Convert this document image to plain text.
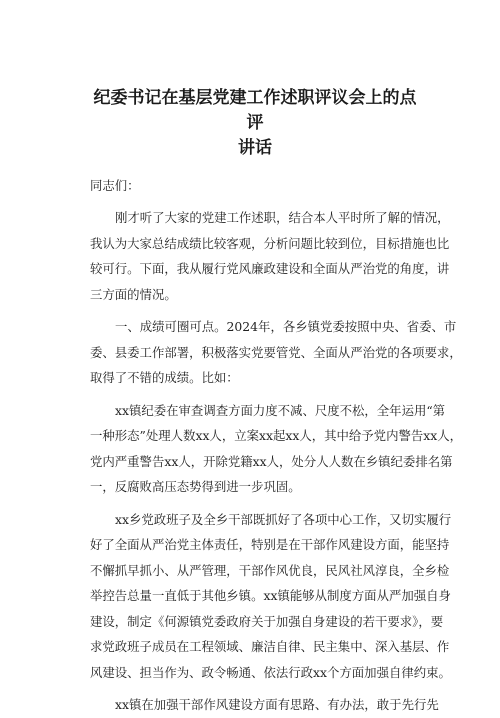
纪委书记在基层党建工作述职评议会上的点评
讲话
同志们：
刚才听了大家的党建工作述职，结合本人平时所了解的情况，
我认为大家总结成绩比较客观，分析问题比较到位，目标措施也比
较可行。下面，我从履行党风廉政建设和全面从严治党的角度，讲
三方面的情况。
一、成绩可圈可点。2024年，各乡镇党委按照中央、省委、市
委、县委工作部署，积极落实党要管党、全面从严治党的各项要求，
取得了不错的成绩。比如：
xx镇纪委在审查调查方面力度不减、尺度不松，全年运用“第
一种形态”处理人数xx人，立案xx起xx人，其中给予党内警告xx人，
党内严重警告xx人，开除党籍xx人，处分人人数在乡镇纪委排名第
一，反腐败高压态势得到进一步巩固。
xx乡党政班子及全乡干部既抓好了各项中心工作，又切实履行
好了全面从严治党主体责任，特别是在干部作风建设方面，能坚持
不懈抓早抓小、从严管理，干部作风优良，民风社风淳良，全乡检
举控告总量一直低于其他乡镇。xx镇能够从制度方面从严加强自身
建设，制定《何源镇党委政府关于加强自身建设的若干要求》，要
求党政班子成员在工程领域、廉洁自律、民主集中、深入基层、作
风建设、担当作为、政令畅通、依法行政xx个方面加强自律约束。
xx镇在加强干部作风建设方面有思路、有办法，敢于先行先
